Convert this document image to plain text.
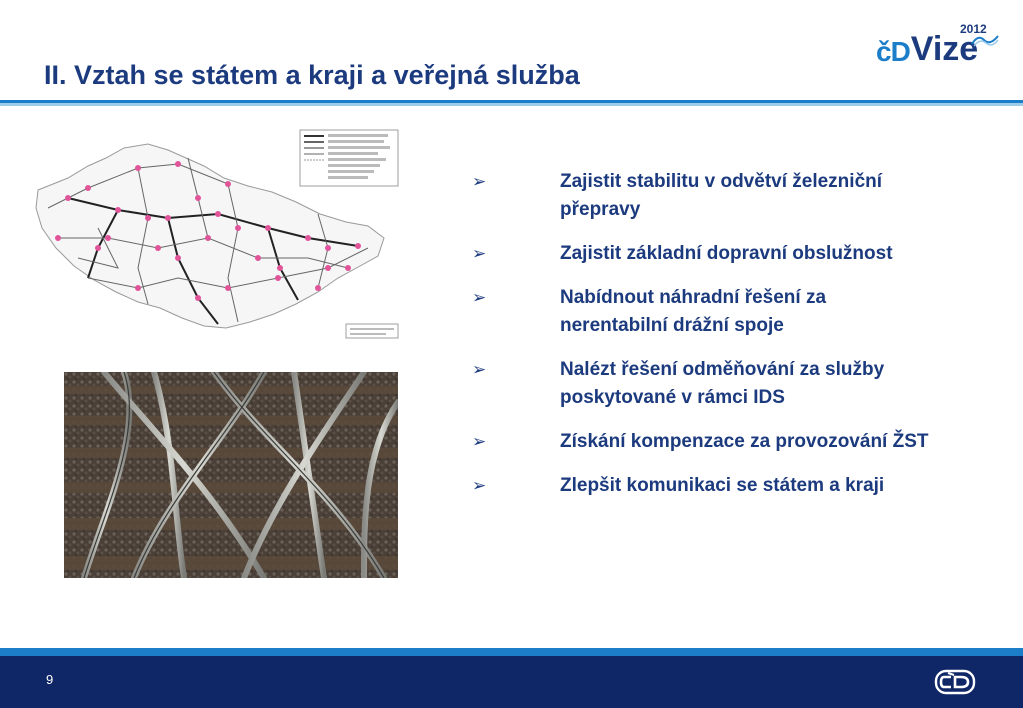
II. Vztah se státem a kraji a veřejná služba
čD Vize
2012
➢	Zajistit stabilitu v odvětví železniční přepravy
➢	Zajistit základní dopravní obslužnost
➢	Nabídnout náhradní řešení za nerentabilní drážní spoje
➢	Nalézt řešení odměňování za služby poskytované v rámci IDS
➢	Získání kompenzace za provozování ŽST
➢	Zlepšit komunikaci se státem a kraji
9
